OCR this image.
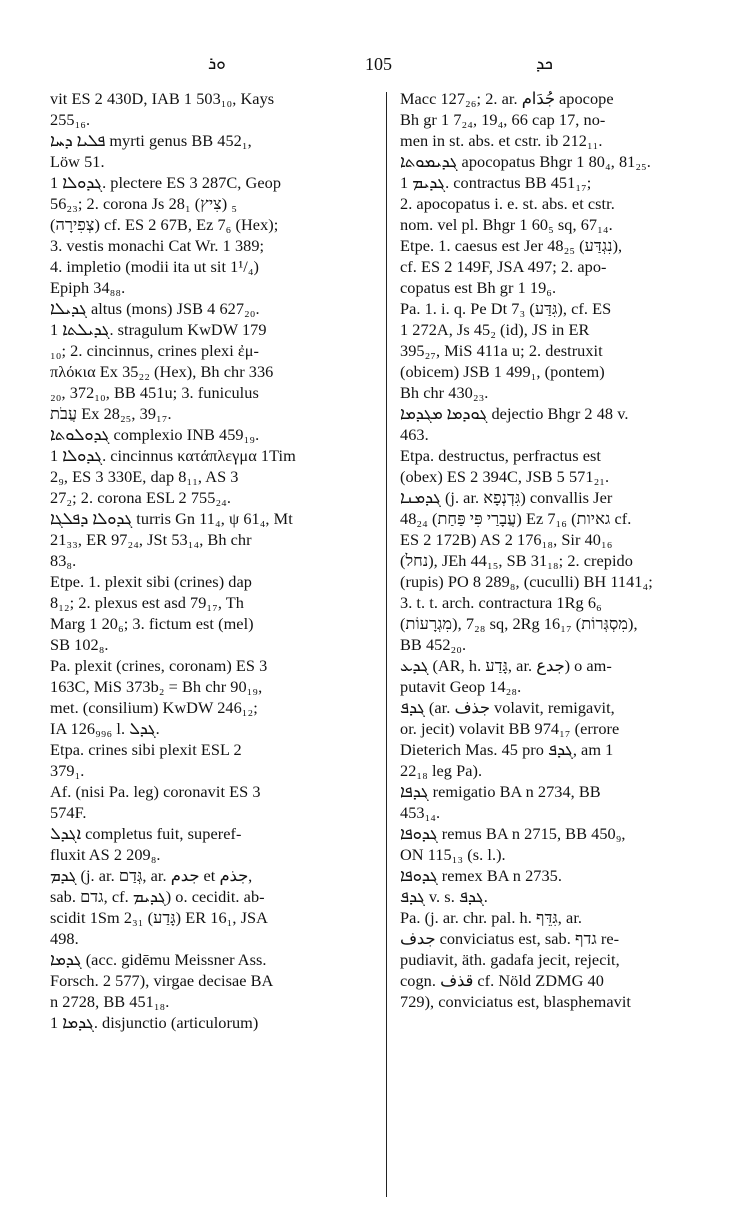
ܘܪ	105	ܟܕ
vit ES 2 430D, IAB 1 503₁₀, Kays
255₁₆.
ܦܠܝܐ ܕܚܐ myrti genus BB 452₁,
Löw 51.
ܓܕܘܠܐ 1. plectere ES 3 287C, Geop
56₂₃; 2. corona Js 28₁ (צִיץ) ₅
(צְפִירָה) cf. ES 2 67B, Ez 7₆ (Hex);
3. vestis monachi Cat Wr. 1 389;
4. impletio (modii ita ut sit 1¹/₄)
Epiph 34₈₈.
ܓܕܝܠܐ altus (mons) JSB 4 627₂₀.
ܓܕܝܠܬܐ 1. stragulum KwDW 179
₁₀; 2. cincinnus, crines plexi ἐμ-
πλόκια Ex 35₂₂ (Hex), Bh chr 336
₂₀, 372₁₀, BB 451u; 3. funiculus
עֲבֹת Ex 28₂₅, 39₁₇.
ܓܕܘܠܘܬܐ complexio INB 459₁₉.
ܓܕܘܠܐ 1. cincinnus κατάπλεγμα 1Tim
2₉, ES 3 330E, dap 8₁₁, AS 3
27₂; 2. corona ESL 2 755₂₄.
ܓܕܘܠܐ ܕܦܠܓܐ turris Gn 11₄, ψ 61₄, Mt
21₃₃, ER 97₂₄, JSt 53₁₄, Bh chr
83₈.
Etpe. 1. plexit sibi (crines) dap
8₁₂; 2. plexus est asd 79₁₇, Th
Marg 1 20₆; 3. fictum est (mel)
SB 102₈.
Pa. plexit (crines, coronam) ES 3
163C, MiS 373b₂ = Bh chr 90₁₉,
met. (consilium) KwDW 246₁₂;
IA 126₉₉₆ l. ܓܕܠ.
Etpa. crines sibi plexit ESL 2
379₁.
Af. (nisi Pa. leg) coronavit ES 3
574F.
ܐܓܕܠ completus fuit, superef-
fluxit AS 2 209₈.
ܓܕܡ (j. ar. גְּדַם, ar. جدم et جذم,
sab. גדם, cf. ܓܕܝܡ) o. cecidit. ab-
scidit 1Sm 2₃₁ (גָּדַע) ER 16₁, JSA
498.
ܓܕܡܐ (acc. gidēmu Meissner Ass.
Forsch. 2 577), virgae decisae BA
n 2728, BB 451₁₈.
ܓܕܡܐ 1. disjunctio (articulorum)
Macc 127₂₆; 2. ar. جُدَام apocope
Bh gr 1 7₂₄, 19₄, 66 cap 17, no-
men in st. abs. et cstr. ib 212₁₁.
ܓܕܝܡܘܬܐ apocopatus Bhgr 1 80₄, 81₂₅.
ܓܕܝܡ 1. contractus BB 451₁₇;
2. apocopatus i. e. st. abs. et cstr.
nom. vel pl. Bhgr 1 60₅ sq, 67₁₄.
Etpe. 1. caesus est Jer 48₂₅ (נִגְדַּע),
cf. ES 2 149F, JSA 497; 2. apo-
copatus est Bh gr 1 19₆.
Pa. 1. i. q. Pe Dt 7₃ (גִּדַּע), cf. ES
1 272A, Js 45₂ (id), JS in ER
395₂₇, MiS 411a u; 2. destruxit
(obicem) JSB 1 499₁, (pontem)
Bh chr 430₂₃.
ܓܘܕܡܐ ܡܓܕܡܐ dejectio Bhgr 2 48 v.
463.
Etpa. destructus, perfractus est
(obex) ES 2 394C, JSB 5 571₂₁.
ܓܕܡܢܐ (j. ar. גִּדְנְפָא) convallis Jer
48₂₄ (עֲבָרַי פִּי פַּחַת) Ez 7₁₆ (גאיות cf.
ES 2 172B) AS 2 176₁₈, Sir 40₁₆
(נחל), JEh 44₁₅, SB 31₁₈; 2. crepido
(rupis) PO 8 289₈, (cuculli) BH 1141₄;
3. t. t. arch. contractura 1Rg 6₆
(מִגְרָעוֹת), 7₂₈ sq, 2Rg 16₁₇ (מִסְגְּרוֹת),
BB 452₂₀.
ܓܕܥ (AR, h. גָּדַע, ar. جدع) o am-
putavit Geop 14₂₈.
ܓܕܦ (ar. جذف volavit, remigavit,
or. jecit) volavit BB 974₁₇ (errore
Dieterich Mas. 45 pro ܓܕܦ, am 1
22₁₈ leg Pa).
ܓܕܦܐ remigatio BA n 2734, BB
453₁₄.
ܓܕܘܦܐ remus BA n 2715, BB 450₉,
ON 115₁₃ (s. l.).
ܓܕܘܦܐ remex BA n 2735.
ܓܕܦ v. s. ܓܕܦ.
Pa. (j. ar. chr. pal. h. גִּדֵּף, ar.
جدف conviciatus est, sab. גדף re-
pudiavit, äth. gadafa jecit, rejecit,
cogn. قذف cf. Nöld ZDMG 40
729), conviciatus est, blasphemavit
